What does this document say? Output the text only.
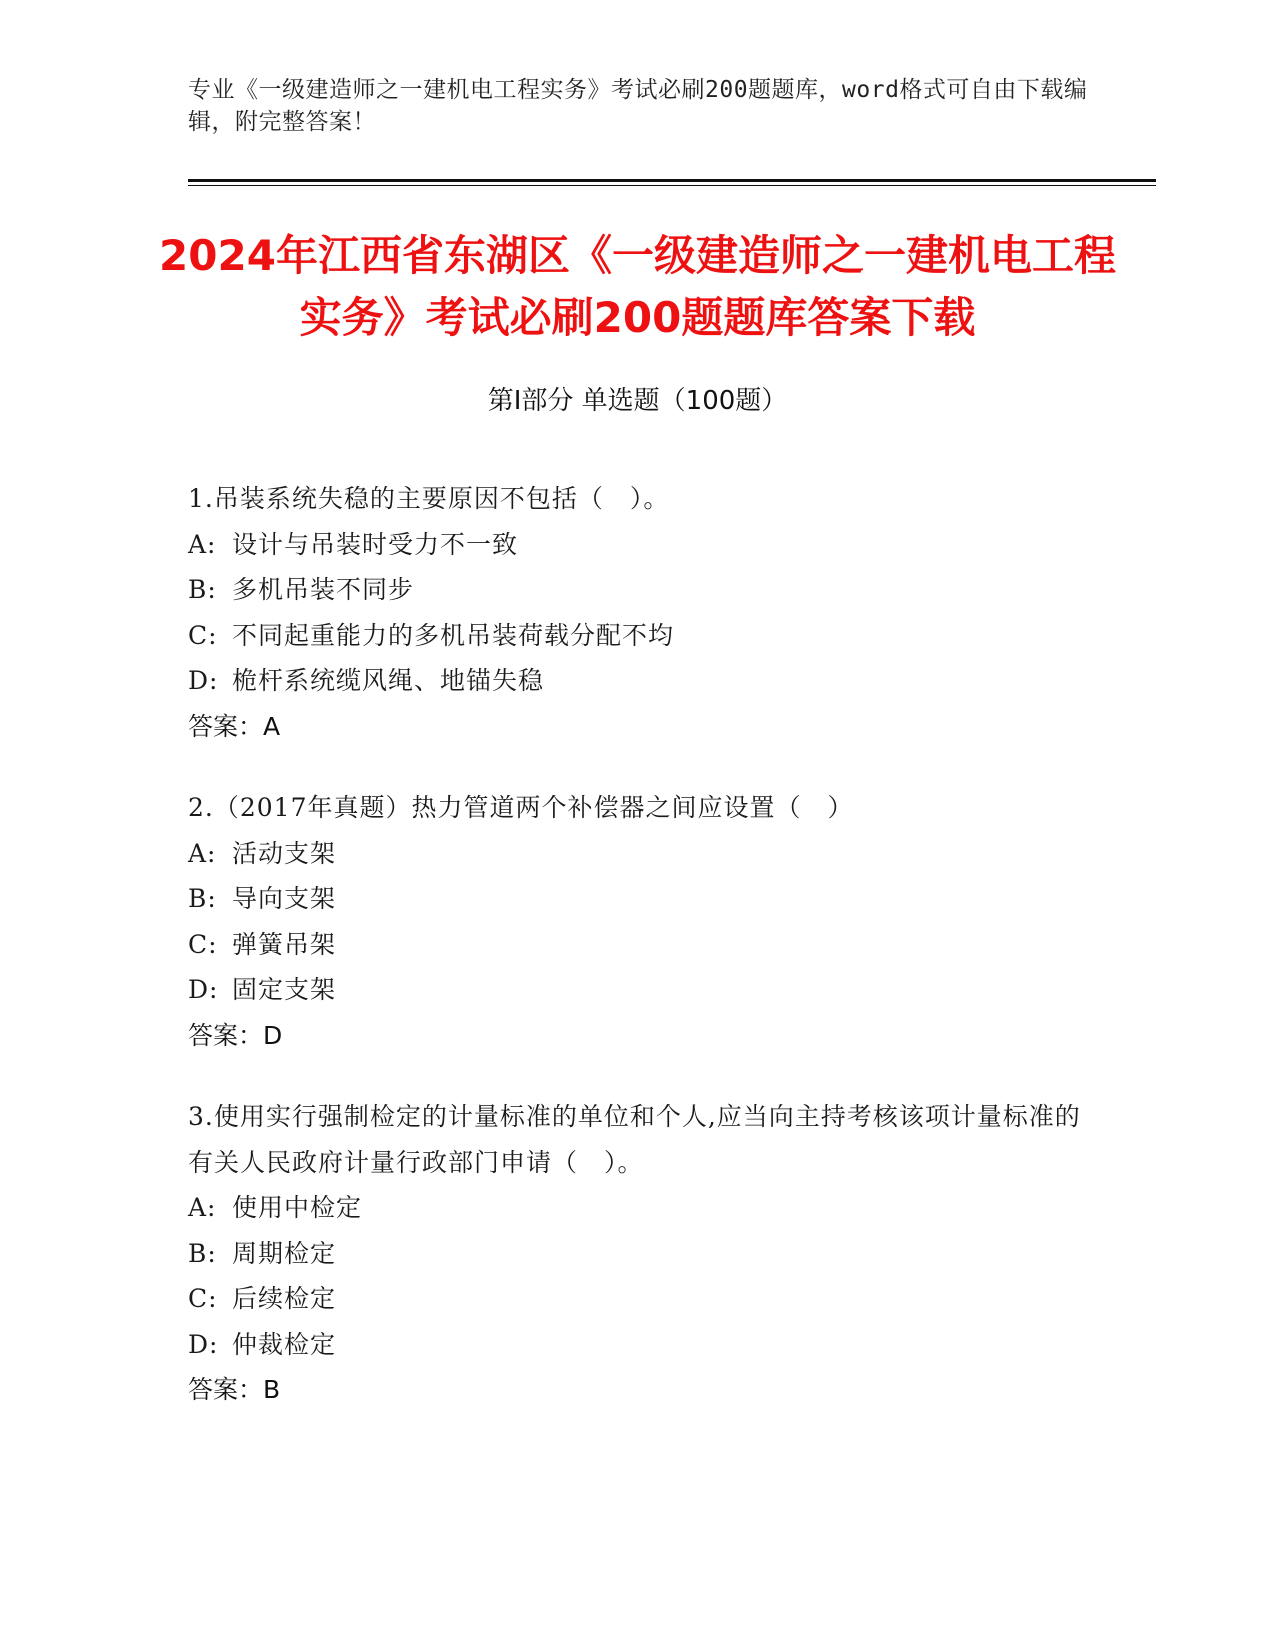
专业《一级建造师之一建机电工程实务》考试必刷200题题库，word格式可自由下载编辑，附完整答案！
2024年江西省东湖区《一级建造师之一建机电工程实务》考试必刷200题题库答案下载
第Ⅰ部分 单选题（100题）
1.吊装系统失稳的主要原因不包括（　）。
A: 设计与吊装时受力不一致
B: 多机吊装不同步
C: 不同起重能力的多机吊装荷载分配不均
D: 桅杆系统缆风绳、地锚失稳
答案：A
2.（2017年真题）热力管道两个补偿器之间应设置（　）
A: 活动支架
B: 导向支架
C: 弹簧吊架
D: 固定支架
答案：D
3.使用实行强制检定的计量标准的单位和个人,应当向主持考核该项计量标准的有关人民政府计量行政部门申请（　）。
A: 使用中检定
B: 周期检定
C: 后续检定
D: 仲裁检定
答案：B
